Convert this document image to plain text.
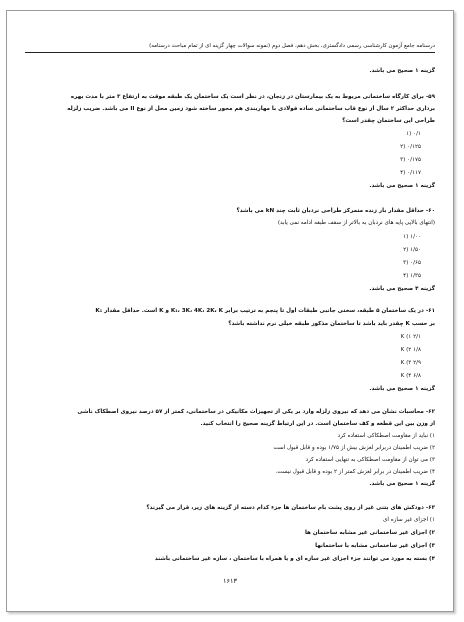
درسنامه جامع آزمون کارشناسی رسمی دادگستری، بخش دهم، فصل دوم (نمونه سوالات چهار گزینه ای از تمام مباحث درسنامه)
گزینه ۱ صحیح می باشد.
۵۹- برای کارگاه ساختمانی مربوط به یک بیمارستان در زنجان، در نظر است یک ساختمان یک طبقه موقت به ارتفاع ۳ متر با مدت بهره
برداری حداکثر ۲ سال از نوع قاب ساختمانی ساده فولادی با مهاربندی هم محور ساخته شود زمین محل از نوع II می باشد. ضریب زلزله
طراحی این ساختمان چقدر است؟
۰/۱ (۱
۰/۱۲۵ (۲
۰/۱۷۵ (۳
۰/۱۱۷ (۴
گزینه ۱ صحیح می باشد.
۶۰- حداقل مقدار بار زنده متمرکز طراحی نردبان ثابت چند kN می باشد؟
(انتهای بالایی پایه های نردبان به بالاتر از سقف طبقه ادامه نمی یابد)
۱/۰۰ (۱
۱/۵۰ (۲
۰/۶۵ (۳
۱/۳۵ (۴
گزینه ۴ صحیح می باشد.
۶۱- در یک ساختمان ۵ طبقه، سختی جانبی طبقات اول تا پنجم به ترتیب برابر K₁، 3K، 4K، 2K، K و K است. حداقل مقدار K₁
بر حسب K چقدر باید باشد تا ساختمان مذکور طبقه خیلی نرم نداشته باشد؟
۲/۱ K (۱
۱/۸ K (۲
۲/۹ K (۳
۶/۸ K (۴
گزینه ۱ صحیح می باشد.
۶۲- محاسبات نشان می دهد که نیروی زلزله وارد بر یکی از تجهیزات مکانیکی در ساختمانی، کمتر از ۵۷ درصد نیروی اصطکاک ناشی
از وزن بین این قطعه و کف ساختمان است. در این ارتباط گزینه صحیح را انتخاب کنید.
۱) نباید از مقاومت اصطکاکی استفاده کرد
۲) ضریب اطمینان دربرابر لغزش بیش از ۱/۷۵ بوده و قابل قبول است
۳) می توان از مقاومت اصطکاکی به تنهایی استفاده کرد
۴) ضریب اطمینان در برابر لغزش کمتر از ۲ بوده و قابل قبول نیست.
گزینه ۱ صحیح می باشد.
۶۳- دودکش های بتنی غیر از روی پشت بام ساختمان ها جزء کدام دسته از گزینه های زیر، قرار می گیرند؟
۱) اجزای غیر سازه ای
۲) اجزای غیر ساختمانی غیر مشابه ساختمان ها
۳) اجزای غیر ساختمانی مشابه با ساختمانها
۴) بسته به مورد می توانند جزء اجزای غیر سازه ای و یا همراه با ساختمان ، سازه غیر ساختمانی باشند
۱۶۱۳
